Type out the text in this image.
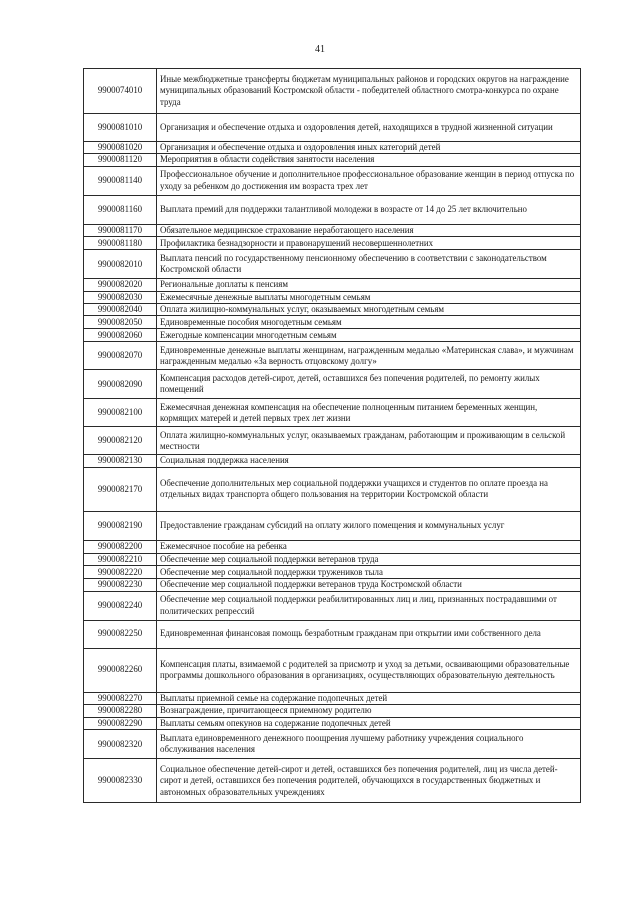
41
9900074010	Иные межбюджетные трансферты бюджетам муниципальных районов и городских округов на награждение муниципальных образований Костромской области - победителей областного смотра-конкурса по охране труда
9900081010	Организация и обеспечение отдыха и оздоровления детей, находящихся в трудной жизненной ситуации
9900081020	Организация и обеспечение отдыха и оздоровления иных категорий детей
9900081120	Мероприятия в области содействия занятости населения
9900081140	Профессиональное обучение и дополнительное профессиональное образование женщин в период отпуска по уходу за ребенком до достижения им возраста трех лет
9900081160	Выплата премий для поддержки талантливой молодежи в возрасте от 14 до 25 лет включительно
9900081170	Обязательное медицинское страхование неработающего населения
9900081180	Профилактика безнадзорности и правонарушений несовершеннолетних
9900082010	Выплата пенсий по государственному пенсионному обеспечению в соответствии с законодательством Костромской области
9900082020	Региональные доплаты к пенсиям
9900082030	Ежемесячные денежные выплаты многодетным семьям
9900082040	Оплата жилищно-коммунальных услуг, оказываемых многодетным семьям
9900082050	Единовременные пособия многодетным семьям
9900082060	Ежегодные компенсации многодетным семьям
9900082070	Единовременные денежные выплаты женщинам, награжденным медалью «Материнская слава», и мужчинам награжденным медалью «За верность отцовскому долгу»
9900082090	Компенсация расходов детей-сирот, детей, оставшихся без попечения родителей, по ремонту жилых помещений
9900082100	Ежемесячная денежная компенсация на обеспечение полноценным питанием беременных женщин, кормящих матерей и детей первых трех лет жизни
9900082120	Оплата жилищно-коммунальных услуг, оказываемых гражданам, работающим и проживающим в сельской местности
9900082130	Социальная поддержка населения
9900082170	Обеспечение дополнительных мер социальной поддержки учащихся и студентов по оплате проезда на отдельных видах транспорта общего пользования на территории Костромской области
9900082190	Предоставление гражданам субсидий на оплату жилого помещения и коммунальных услуг
9900082200	Ежемесячное пособие на ребенка
9900082210	Обеспечение мер социальной поддержки ветеранов труда
9900082220	Обеспечение мер социальной поддержки тружеников тыла
9900082230	Обеспечение мер социальной поддержки ветеранов труда Костромской области
9900082240	Обеспечение мер социальной поддержки реабилитированных лиц и лиц, признанных пострадавшими от политических репрессий
9900082250	Единовременная финансовая помощь безработным гражданам при открытии ими собственного дела
9900082260	Компенсация платы, взимаемой с родителей за присмотр и уход за детьми, осваивающими образовательные программы дошкольного образования в организациях, осуществляющих образовательную деятельность
9900082270	Выплаты приемной семье на содержание подопечных детей
9900082280	Вознаграждение, причитающееся приемному родителю
9900082290	Выплаты семьям опекунов на содержание подопечных детей
9900082320	Выплата единовременного денежного поощрения лучшему работнику учреждения социального обслуживания населения
9900082330	Социальное обеспечение детей-сирот и детей, оставшихся без попечения родителей, лиц из числа детей-сирот и детей, оставшихся без попечения родителей, обучающихся в государственных бюджетных и автономных образовательных учреждениях
